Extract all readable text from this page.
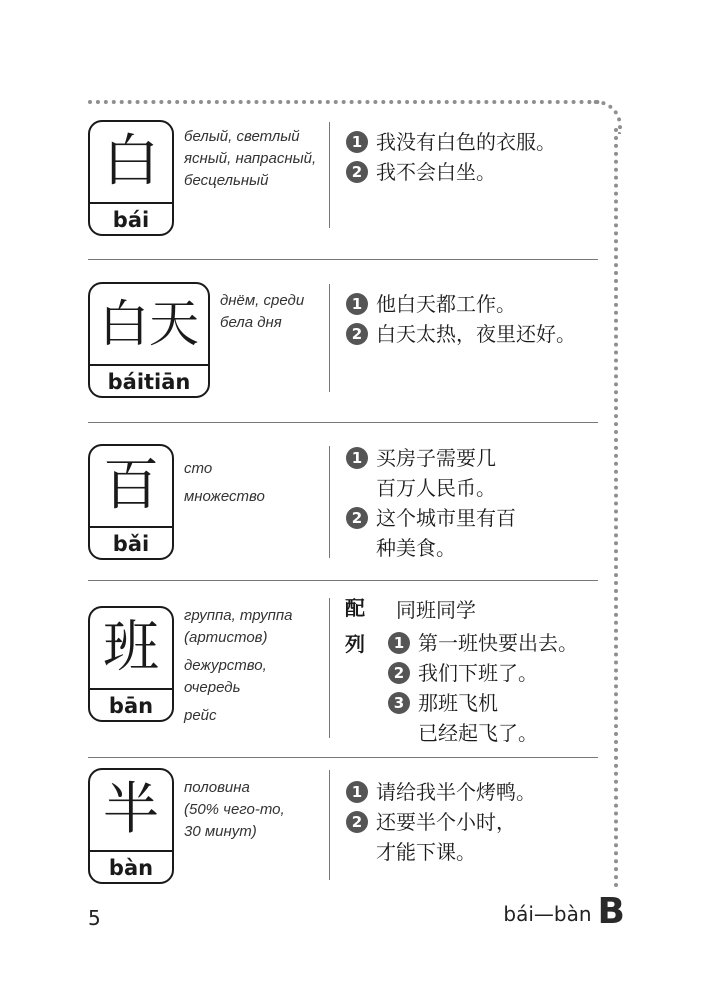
白
bái
белый, светлый
ясный, напрасный,
бесцельный
1 我没有白色的衣服。
2 我不会白坐。
白天
báitiān
днём, среди
бела дня
1 他白天都工作。
2 白天太热，夜里还好。
百
bǎi
сто
множество
1 买房子需要几
百万人民币。
2 这个城市里有百
种美食。
班
bān
группа, труппа
(артистов)
дежурство,
очередь
рейс
配
列
同班同学
1 第一班快要出去。
2 我们下班了。
3 那班飞机
已经起飞了。
半
bàn
половина
(50% чего-то,
30 минут)
1 请给我半个烤鸭。
2 还要半个小时，
才能下课。
5	bái—bàn B
